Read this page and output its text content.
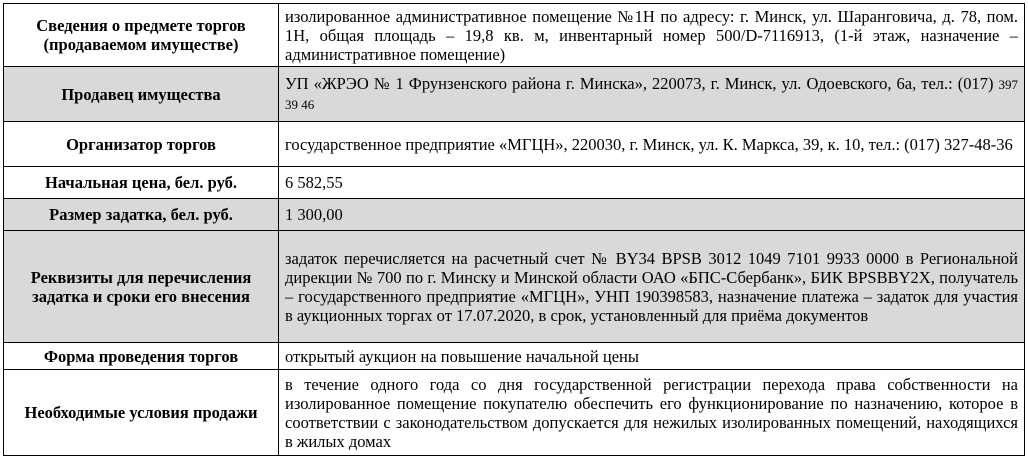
Сведения о предмете торгов (продаваемом имуществе)	изолированное административное помещение №1Н по адресу: г. Минск, ул. Шаранговича, д. 78, пом. 1Н, общая площадь – 19,8 кв. м, инвентарный номер 500/D-7116913, (1-й этаж, назначение – административное помещение)
Продавец имущества	УП «ЖРЭО № 1 Фрунзенского района г. Минска», 220073, г. Минск, ул. Одоевского, 6а, тел.: (017) 397 39 46
Организатор торгов	государственное предприятие «МГЦН», 220030, г. Минск, ул. К. Маркса, 39, к. 10, тел.: (017) 327-48-36
Начальная цена, бел. руб.	6 582,55
Размер задатка, бел. руб.	1 300,00
Реквизиты для перечисления задатка и сроки его внесения	задаток перечисляется на расчетный счет № BY34 BPSB 3012 1049 7101 9933 0000 в Региональной дирекции № 700 по г. Минску и Минской области ОАО «БПС-Сбербанк», БИК BPSBBY2X, получатель – государственного предприятие «МГЦН», УНП 190398583, назначение платежа – задаток для участия в аукционных торгах от 17.07.2020, в срок, установленный для приёма документов
Форма проведения торгов	открытый аукцион на повышение начальной цены
Необходимые условия продажи	в течение одного года со дня государственной регистрации перехода права собственности на изолированное помещение покупателю обеспечить его функционирование по назначению, которое в соответствии с законодательством допускается для нежилых изолированных помещений, находящихся в жилых домах
